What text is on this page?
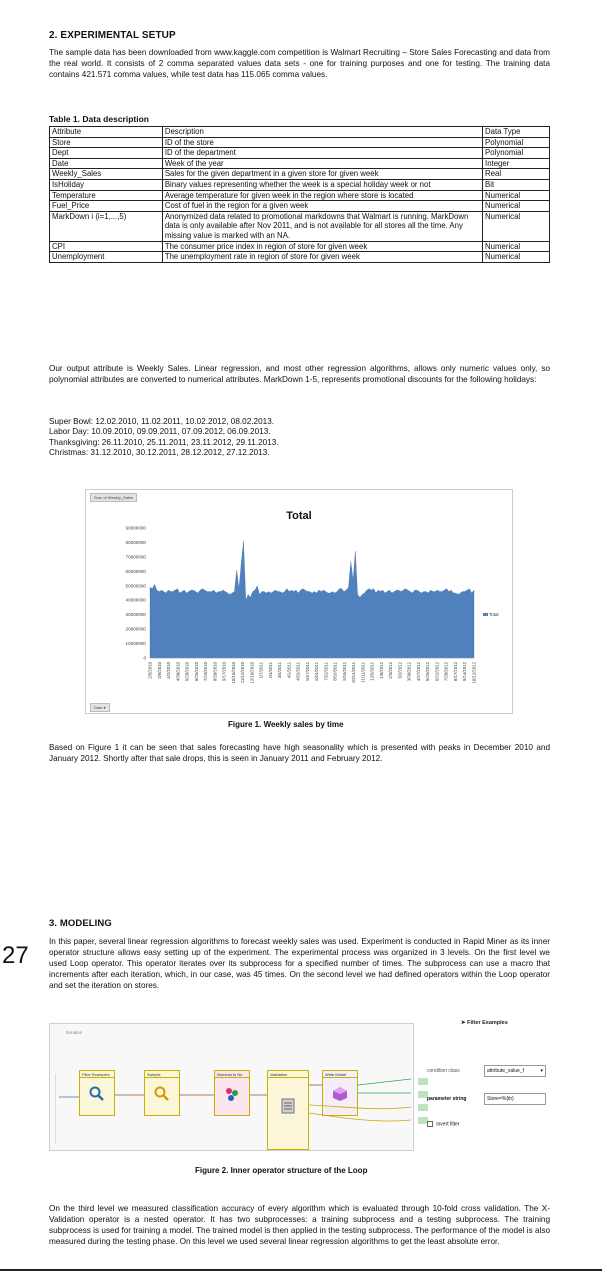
2. EXPERIMENTAL SETUP

The sample data has been downloaded from www.kaggle.com competition is Walmart Recruiting – Store Sales Forecasting and data from the real world. It consists of 2 comma separated values data sets - one for training purposes and one for testing. The training data contains 421.571 comma values, while test data has 115.065 comma values.

Table 1. Data description
Attribute	Description	Data Type
Store	ID of the store	Polynomial
Dept	ID of the department	Polynomial
Date	Week of the year	Integer
Weekly_Sales	Sales for the given department in a given store for given week	Real
IsHoliday	Binary values representing whether the week is a special holiday week or not	Bit
Temperature	Average temperature for given week in the region where store is located	Numerical
Fuel_Price	Cost of fuel in the region for a given week	Numerical
MarkDown i (i=1,...,5)	Anonymized data related to promotional markdowns that Walmart is running. MarkDown data is only available after Nov 2011, and is not available for all stores all the time. Any missing value is marked with an NA.	Numerical
CPI	The consumer price index in region of store for given week	Numerical
Unemployment	The unemployment rate in region of store for given week	Numerical

Our output attribute is Weekly Sales. Linear regression, and most other regression algorithms, allows only numeric values only, so polynomial attributes are converted to numerical attributes. MarkDown 1-5, represents promotional discounts for the following holidays:

Super Bowl: 12.02.2010, 11.02.2011, 10.02.2012, 08.02.2013.
Labor Day: 10.09.2010, 09.09.2011, 07.09.2012, 06.09.2013.
Thanksgiving: 26.11.2010, 25.11.2011, 23.11.2012, 29.11.2013.
Christmas: 31.12.2010, 30.12.2011, 28.12.2012, 27.12.2013.
Sum of Weekly_Sales
Date ▾
Total
90000000
80000000
70000000
60000000
50000000
40000000
30000000
20000000
10000000
0
2/5/2010 3/5/2010 4/2/2010 4/30/2010 5/28/2010 6/25/2010 7/23/2010 8/20/2010 9/17/2010 10/15/2010 11/12/2010 12/10/2010 1/7/2011 2/4/2011 3/4/2011 4/1/2011 4/29/2011 5/27/2011 6/24/2011 7/22/2011 8/19/2011 9/16/2011 10/14/2011 11/11/2011 12/9/2011 1/6/2012 2/3/2012 3/2/2012 3/30/2012 4/27/2012 5/25/2012 6/22/2012 7/20/2012 8/17/2012 9/14/2012 10/12/2012
Total
Figure 1. Weekly sales by time

Based on Figure 1 it can be seen that sales forecasting have high seasonality which is presented with peaks in December 2010 and January 2012. Shortly after that sale drops, this is seen in January 2011 and February 2012.

3. MODELING
27

In this paper, several linear regression algorithms to forecast weekly sales was used. Experiment is conducted in Rapid Miner as its inner operator structure allows easy setting up of the experiment. The experimental process was organized in 3 levels. On the first level we used Loop operator. This operator iterates over its subprocess for a specified number of times. The subprocess can use a macro that increments after each iteration, which, in our case, was 45 times. On the second level we had defined operators within the Loop operator and set the iteration on stores.

Iteration
Filter Examples	Sample	Nominal to Nu	Validation	Write Model
➤ Filter Examples
condition class	attribute_value_f	▾
parameter string	Store=%{itr}
invert filter
Figure 2. Inner operator structure of the Loop

On the third level we measured classification accuracy of every algorithm which is evaluated through 10-fold cross validation. The X-Validation operator is a nested operator. It has two subprocesses: a training subprocess and a testing subprocess. The training subprocess is used for training a model. The trained model is then applied in the testing subprocess. The performance of the model is also measured during the testing phase. On this level we used several linear regression algorithms to get the least absolute error.
